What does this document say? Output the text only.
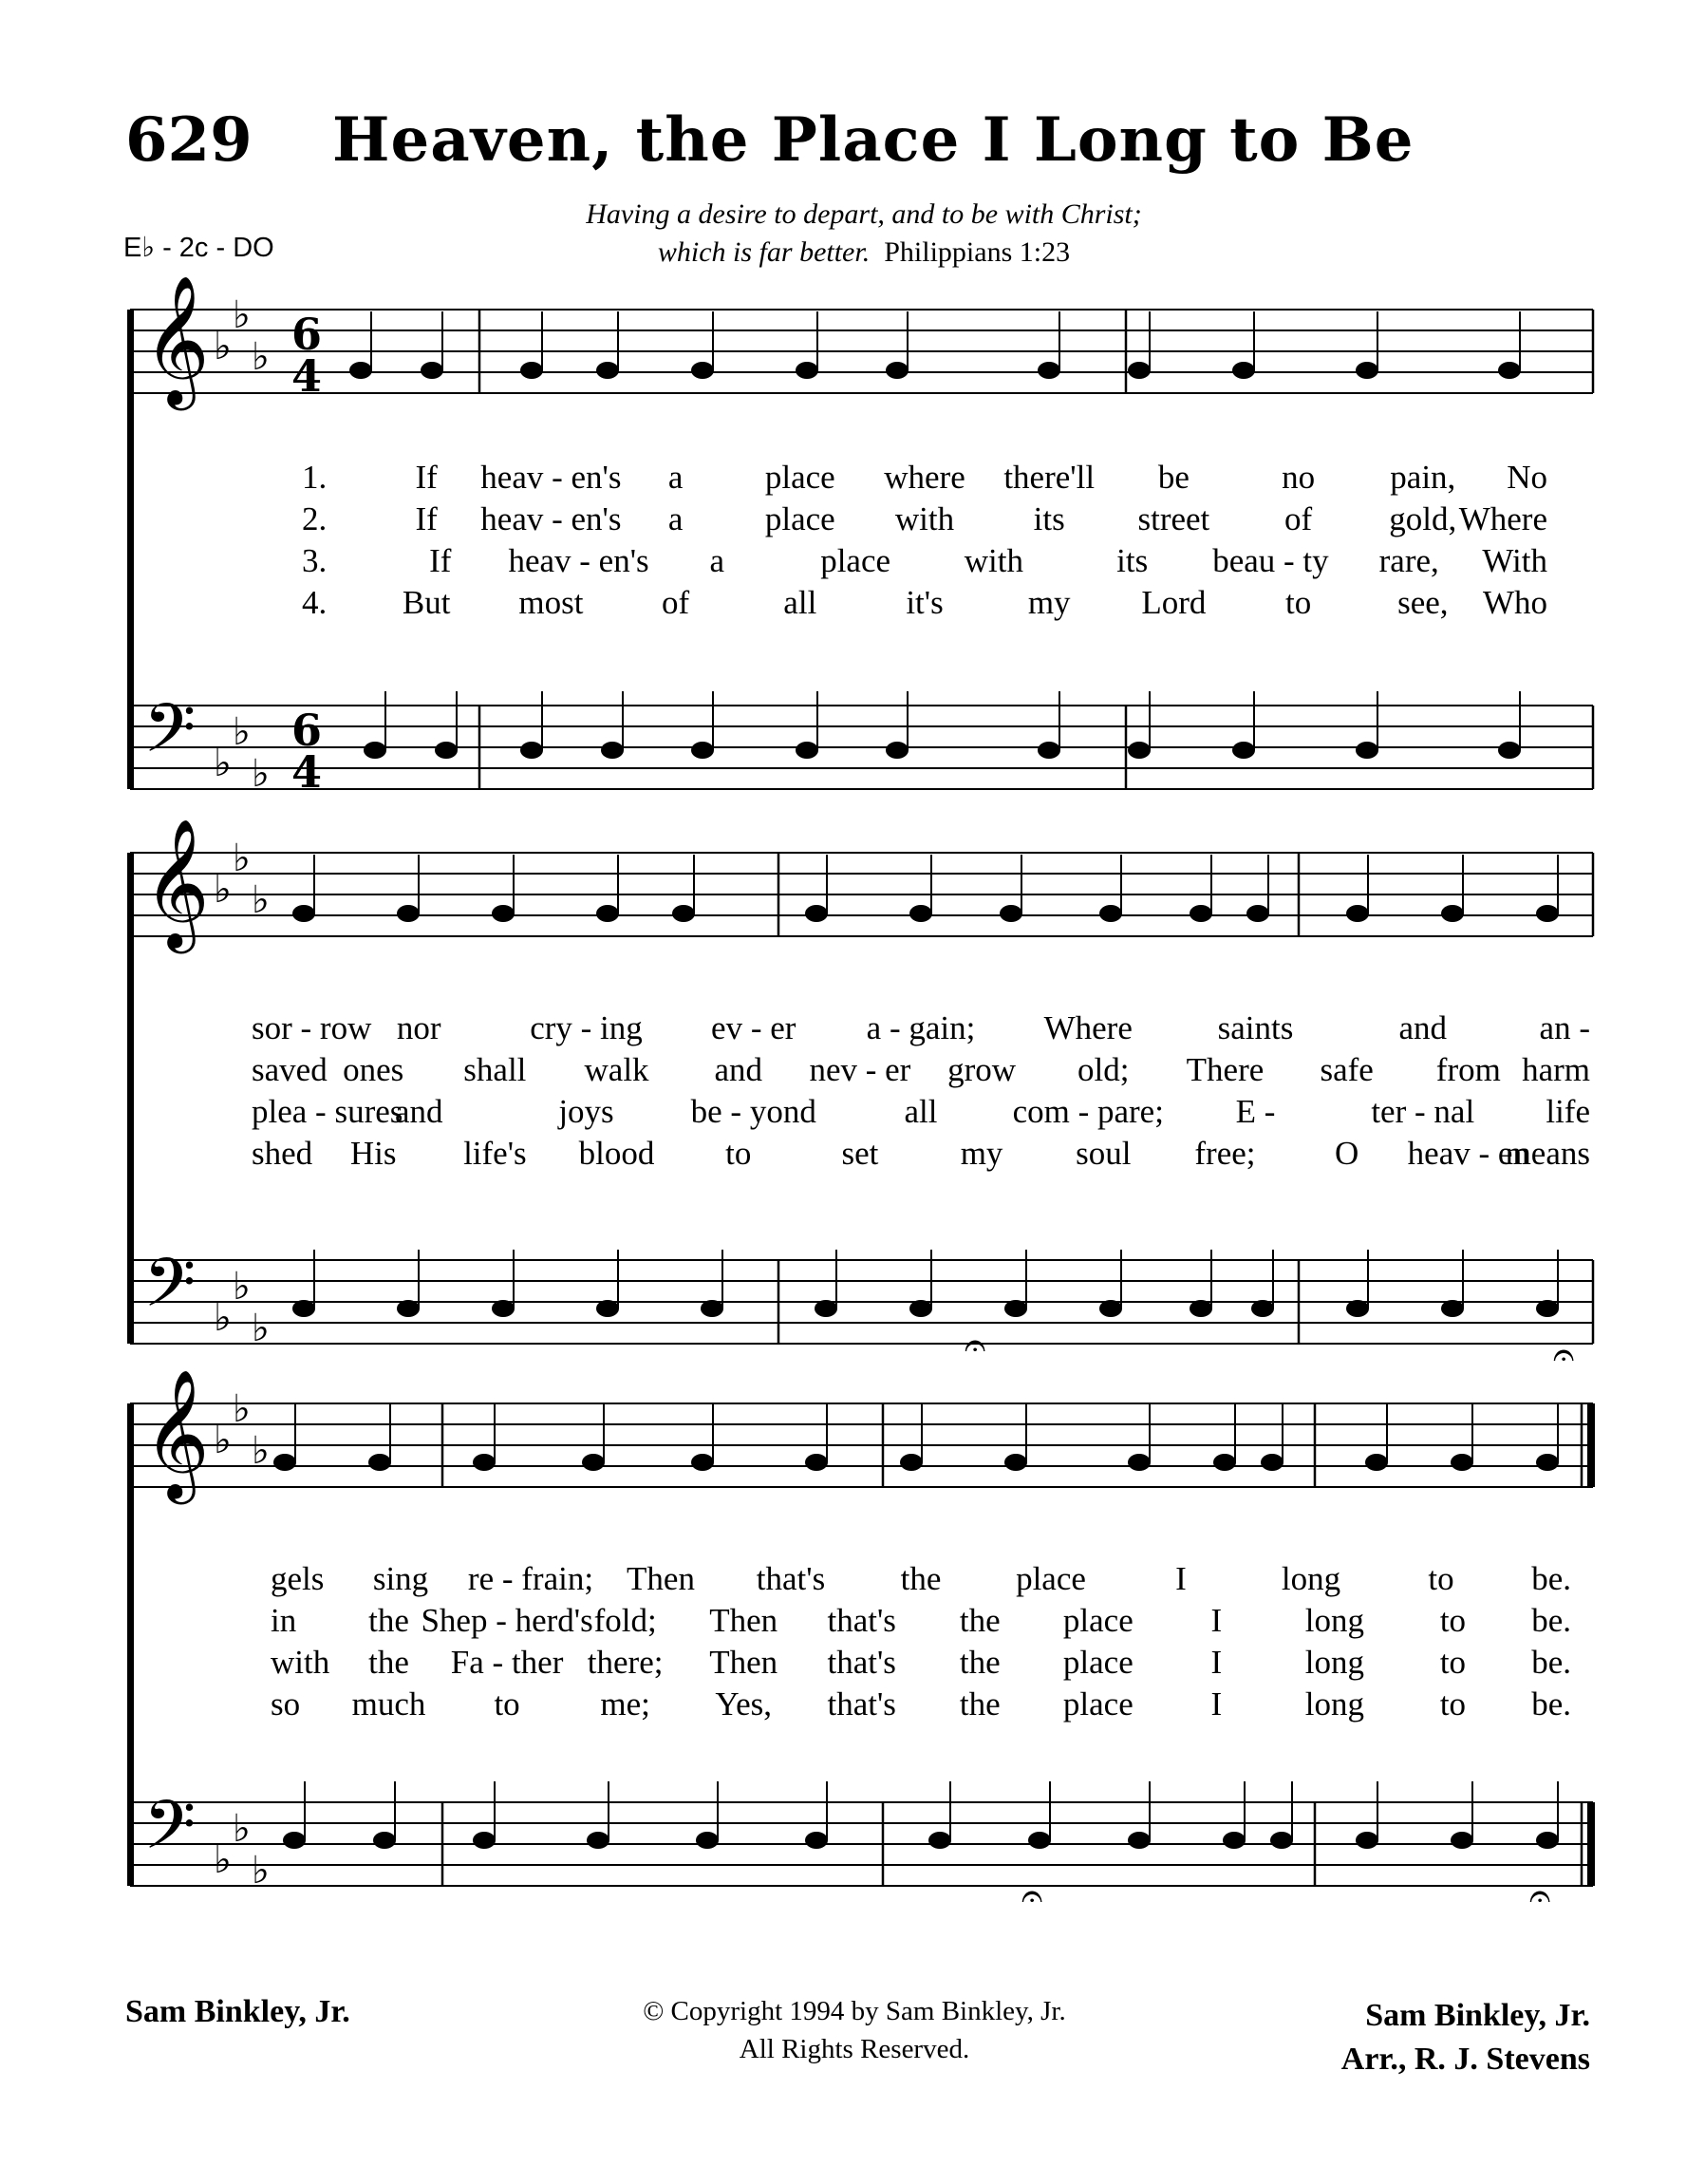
629 Heaven, the Place I Long to Be
E♭ - 2c - DO
Having a desire to depart, and to be with Christ;
which is far better. Philippians 1:23
𝄞 ♭
♭
♭ 6
4
𝄢 ♭
♭
♭
6
4
𝄞 ♭
♭
♭
𝄢 ♭
♭
♭
𝄞 ♭
♭
♭
𝄢 ♭
♭
♭
𝄐	𝄐
𝄐	𝄐
1.	If heav - en's a place where there'll be	no pain, No
2.	If heav - en's a place with its street of gold, Where
3.	If heav - en's a	place with	its beau - ty rare, With
4. But most of	all	it's	my Lord to	see, Who
sor - row nor	cry - ing ev - er a - gain; Where	saints	and	an -
saved ones shall walk and nev - er grow old; There safe from harm
plea - sures
and	joys be - yond	all com - pare; E -	ter - nal life
shed His life's blood to	set my soul free; O heav - en
means
gels sing re - frain; Then that's the place	I	long	to be.
in the Shep - herd's fold; Then that's the place I	long to be.
with the Fa - ther there; Then that's the place I	long to be.
so much to me; Yes, that's the place I	long to be.
Sam Binkley, Jr.	© Copyright 1994 by Sam Binkley, Jr.
All Rights Reserved.
Sam Binkley, Jr.
Arr., R. J. Stevens
